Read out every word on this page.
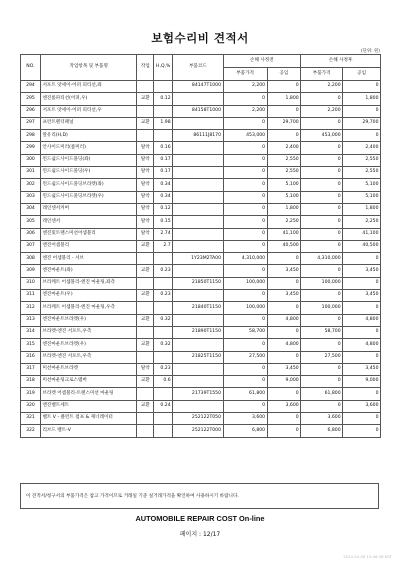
보험수리비 견적서
(단위: 원)
NO.	작업항목 및 부품명	작업	H,Q,%	부품코드	손해 사정전		손해 사정후	
					부품가격	공임	부품가격	공임
294	서포트 앗세이-어퍼 피티션,좌			84147T1000	2,200	0	2,200	0
295	엔진룸파티션(어퍼,우)	교환	0.12		0	1,800	0	1,800
296	서포트 앗세이-어퍼 피티션,우			84158T1000	2,200	0	2,200	0
297	프런트펜더패널	교환	1.98		0	29,700	0	29,700
298	앞유리(H,D)			86111J8170	453,000	0	453,000	0
299	안사이드미러(룸미러)	탈착	0.16		0	2,400	0	2,400
300	윈드쉴드사이드몰딩(좌)	탈착	0.17		0	2,550	0	2,550
301	윈드쉴드사이드몰딩(우)	탈착	0.17		0	2,550	0	2,550
302	윈드쉴드사이드몰딩브라켓(좌)	탈착	0.34		0	5,100	0	5,100
303	윈드쉴드사이드몰딩브라켓(우)	탈착	0.34		0	5,100	0	5,100
304	레인센서커버	탈착	0.12		0	1,800	0	1,800
305	레인센서	탈착	0.15		0	2,250	0	2,250
306	엔진및트랜스미션어셈블리	탈착	2.74		0	41,100	0	41,100
307	엔진어셈블리	교환	2.7		0	40,500	0	40,500
308	엔진 어셈블리 - 서브			1Y23M2TA00	4,310,000	0	4,310,000	0
309	엔진마운트(좌)	교환	0.23		0	3,450	0	3,450
310	브라케트 어셈블리-엔진 마운팅,좌측			21850T1150	100,000	0	100,000	0
311	엔진마운트(우)	교환	0.23		0	3,450	0	3,450
312	브라케트 어셈블리-엔진 마운팅,우측			21840T1150	100,000	0	100,000	0
313	엔진마운트브라켓(우)	교환	0.32		0	4,800	0	4,800
314	브라켓-엔진 서포트,우측			21890T1150	58,700	0	58,700	0
315	엔진마운트브라켓(우)	교환	0.32		0	4,800	0	4,800
316	브라켓-엔진 서포트,우측			21825T1150	27,500	0	27,500	0
317	미션마운트브라켓	탈착	0.23		0	3,450	0	3,450
318	미션마운팅크로스멤버	교환	0.6		0	9,000	0	9,000
319	브라켓 어셈블리-트랜스미션 마운팅			21739T1550	61,800	0	61,800	0
320	엔진벨트세트	교환	0.24		0	3,600	0	3,600
321	벨트 V - 클런트 펌프 & 제너레이터			252122T050	3,600	0	3,600	0
322	리브드 벨트-V			252122T000	6,800	0	6,800	0
이 견적서/청구서의 부품가격은 참고 가격이므로 거래일 기준 실거래가격을 확인하여 사용하시기 바랍니다.
AUTOMOBILE REPAIR COST On-line
페이지 : 12/17
2024-04-09 15:46:36 KST
